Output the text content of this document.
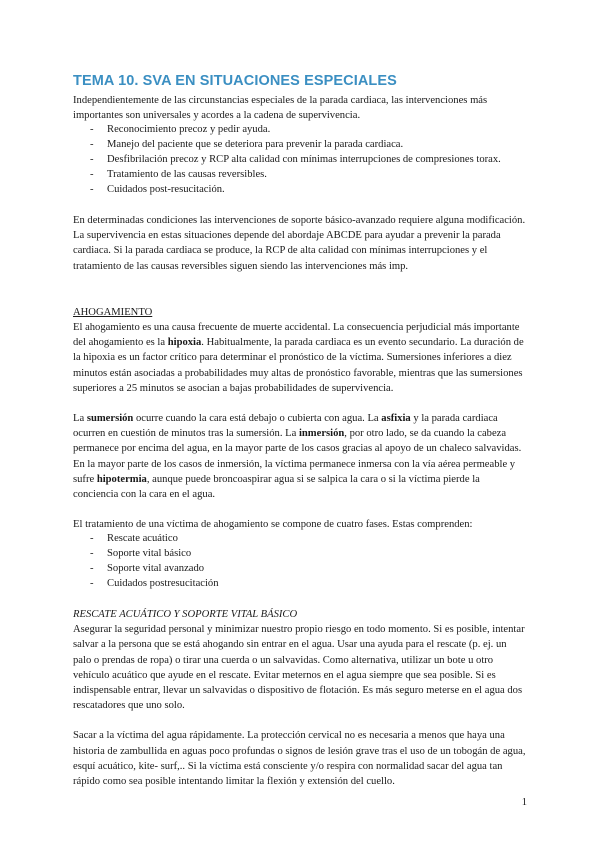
TEMA 10. SVA EN SITUACIONES ESPECIALES

Independientemente de las circunstancias especiales de la parada cardiaca, las intervenciones más importantes son universales y acordes a la cadena de supervivencia.

- Reconocimiento precoz y pedir ayuda.
- Manejo del paciente que se deteriora para prevenir la parada cardiaca.
- Desfibrilación precoz y RCP alta calidad con mínimas interrupciones de compresiones torax.
- Tratamiento de las causas reversibles.
- Cuidados post-resucitación.

En determinadas condiciones las intervenciones de soporte básico-avanzado requiere alguna modificación. La supervivencia en estas situaciones depende del abordaje ABCDE para ayudar a prevenir la parada cardiaca. Si la parada cardiaca se produce, la RCP de alta calidad con mínimas interrupciones y el tratamiento de las causas reversibles siguen siendo las intervenciones más imp.

AHOGAMIENTO

El ahogamiento es una causa frecuente de muerte accidental. La consecuencia perjudicial más importante del ahogamiento es la hipoxia. Habitualmente, la parada cardiaca es un evento secundario. La duración de la hipoxia es un factor crítico para determinar el pronóstico de la víctima. Sumersiones inferiores a diez minutos están asociadas a probabilidades muy altas de pronóstico favorable, mientras que las sumersiones superiores a 25 minutos se asocian a bajas probabilidades de supervivencia.

La sumersión ocurre cuando la cara está debajo o cubierta con agua. La asfixia y la parada cardiaca ocurren en cuestión de minutos tras la sumersión. La inmersión, por otro lado, se da cuando la cabeza permanece por encima del agua, en la mayor parte de los casos gracias al apoyo de un chaleco salvavidas. En la mayor parte de los casos de inmersión, la víctima permanece inmersa con la vía aérea permeable y sufre hipotermia, aunque puede broncoaspirar agua si se salpica la cara o si la víctima pierde la conciencia con la cara en el agua.

El tratamiento de una víctima de ahogamiento se compone de cuatro fases. Estas comprenden:

- Rescate acuático
- Soporte vital básico
- Soporte vital avanzado
- Cuidados postresucitación
RESCATE ACUÁTICO Y SOPORTE VITAL BÁSICO

Asegurar la seguridad personal y minimizar nuestro propio riesgo en todo momento. Si es posible, intentar salvar a la persona que se está ahogando sin entrar en el agua. Usar una ayuda para el rescate (p. ej. un palo o prendas de ropa) o tirar una cuerda o un salvavidas. Como alternativa, utilizar un bote u otro vehículo acuático que ayude en el rescate. Evitar meternos en el agua siempre que sea posible. Si es indispensable entrar, llevar un salvavidas o dispositivo de flotación. Es más seguro meterse en el agua dos rescatadores que uno solo.

Sacar a la víctima del agua rápidamente. La protección cervical no es necesaria a menos que haya una historia de zambullida en aguas poco profundas o signos de lesión grave tras el uso de un tobogán de agua, esquí acuático, kite- surf,.. Si la víctima está consciente y/o respira con normalidad sacar del agua tan rápido como sea posible intentando limitar la flexión y extensión del cuello.

1
